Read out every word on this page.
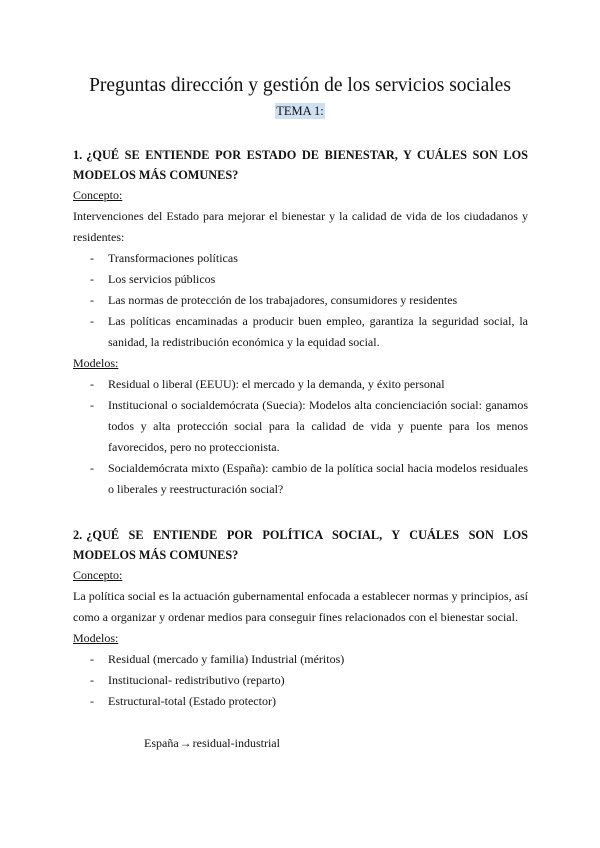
Preguntas dirección y gestión de los servicios sociales
TEMA 1:

1. ¿QUÉ SE ENTIENDE POR ESTADO DE BIENESTAR, Y CUÁLES SON LOS MODELOS MÁS COMUNES?

Concepto:

Intervenciones del Estado para mejorar el bienestar y la calidad de vida de los ciudadanos y residentes:

- Transformaciones políticas
- Los servicios públicos
- Las normas de protección de los trabajadores, consumidores y residentes
- Las políticas encaminadas a producir buen empleo, garantiza la seguridad social, la sanidad, la redistribución económica y la equidad social.

Modelos:

- Residual o liberal (EEUU): el mercado y la demanda, y éxito personal
- Institucional o socialdemócrata (Suecia): Modelos alta concienciación social: ganamos todos y alta protección social para la calidad de vida y puente para los menos favorecidos, pero no proteccionista.
- Socialdemócrata mixto (España): cambio de la política social hacia modelos residuales o liberales y reestructuración social?

2. ¿QUÉ SE ENTIENDE POR POLÍTICA SOCIAL, Y CUÁLES SON LOS MODELOS MÁS COMUNES?

Concepto:

La política social es la actuación gubernamental enfocada a establecer normas y principios, así como a organizar y ordenar medios para conseguir fines relacionados con el bienestar social.

Modelos:

- Residual (mercado y familia) Industrial (méritos)
- Institucional- redistributivo (reparto)
- Estructural-total (Estado protector)

España→residual-industrial
